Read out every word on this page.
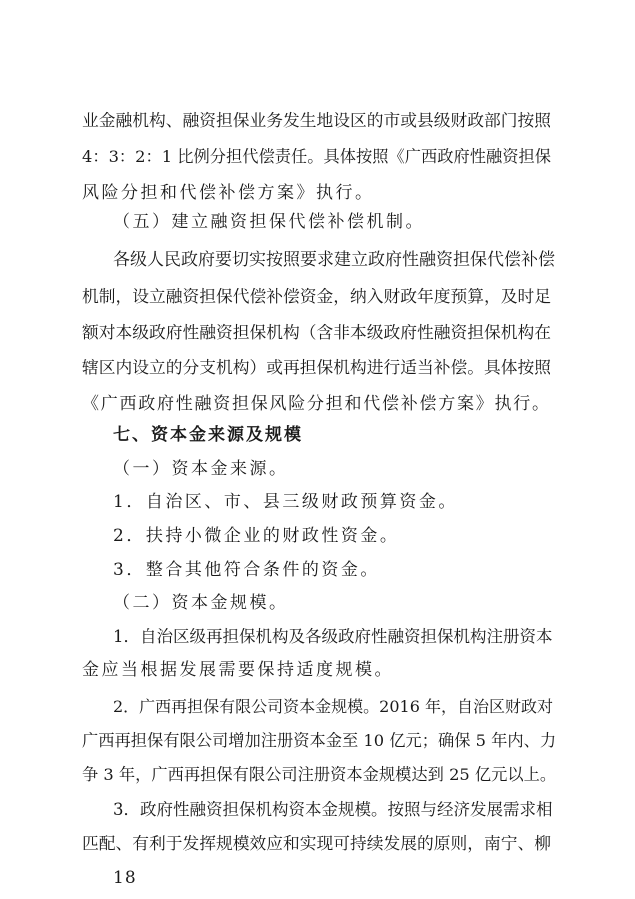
业金融机构、融资担保业务发生地设区的市或县级财政部门按照
4：3：2：1 比例分担代偿责任。具体按照《广西政府性融资担保
风险分担和代偿补偿方案》执行。
（五）建立融资担保代偿补偿机制。
各级人民政府要切实按照要求建立政府性融资担保代偿补偿
机制，设立融资担保代偿补偿资金，纳入财政年度预算，及时足
额对本级政府性融资担保机构（含非本级政府性融资担保机构在
辖区内设立的分支机构）或再担保机构进行适当补偿。具体按照
《广西政府性融资担保风险分担和代偿补偿方案》执行。
七、资本金来源及规模
（一）资本金来源。
1．自治区、市、县三级财政预算资金。
2．扶持小微企业的财政性资金。
3．整合其他符合条件的资金。
（二）资本金规模。
1．自治区级再担保机构及各级政府性融资担保机构注册资本
金应当根据发展需要保持适度规模。
2．广西再担保有限公司资本金规模。2016 年，自治区财政对
广西再担保有限公司增加注册资本金至 10 亿元；确保 5 年内、力
争 3 年，广西再担保有限公司注册资本金规模达到 25 亿元以上。
3．政府性融资担保机构资本金规模。按照与经济发展需求相
匹配、有利于发挥规模效应和实现可持续发展的原则，南宁、柳
18
